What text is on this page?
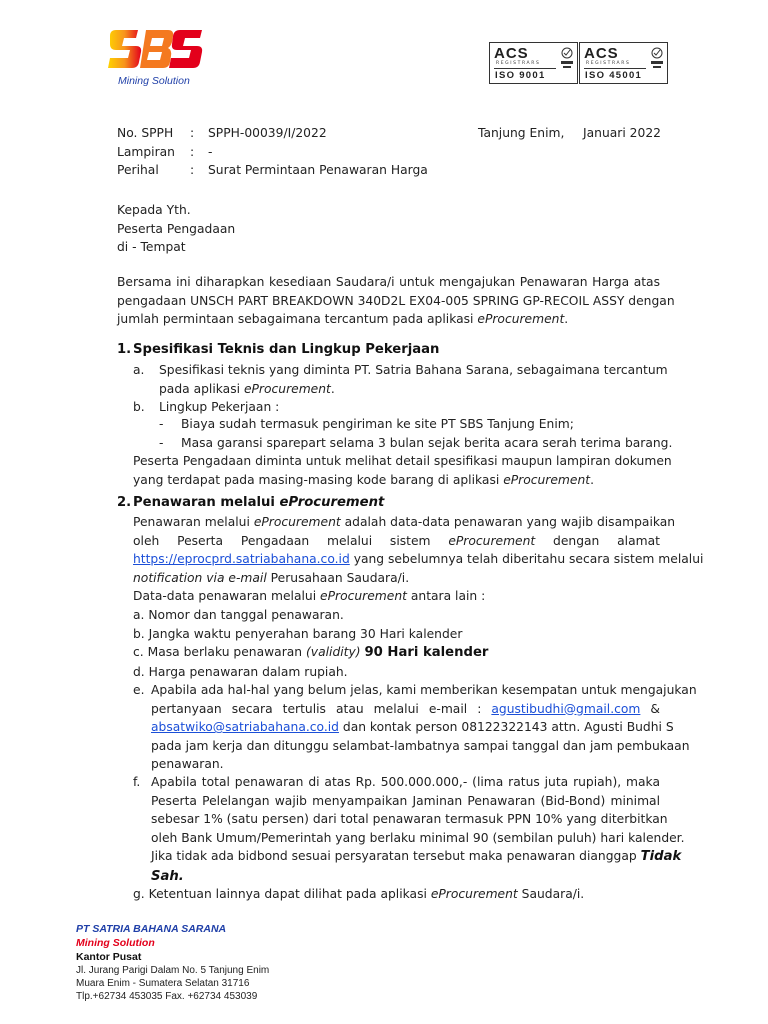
Mining Solution
ACS
REGISTRARS
ISO 9001
ACS
REGISTRARS
ISO 45001
No. SPPH : SPPH-00039/I/2022	Tanjung Enim, Januari 2022
Lampiran : -
Perihal	: Surat Permintaan Penawaran Harga
Kepada Yth.
Peserta Pengadaan
di - Tempat
Bersama ini diharapkan kesediaan Saudara/i untuk mengajukan Penawaran Harga atas
pengadaan UNSCH PART BREAKDOWN 340D2L EX04-005 SPRING GP-RECOIL ASSY dengan
jumlah permintaan sebagaimana tercantum pada aplikasi eProcurement.
1. Spesifikasi Teknis dan Lingkup Pekerjaan
a. Spesifikasi teknis yang diminta PT. Satria Bahana Sarana, sebagaimana tercantum
pada aplikasi eProcurement.
b. Lingkup Pekerjaan :
- Biaya sudah termasuk pengiriman ke site PT SBS Tanjung Enim;
- Masa garansi sparepart selama 3 bulan sejak berita acara serah terima barang.
Peserta Pengadaan diminta untuk melihat detail spesifikasi maupun lampiran dokumen
yang terdapat pada masing-masing kode barang di aplikasi eProcurement.
2. Penawaran melalui eProcurement
Penawaran melalui eProcurement adalah data-data penawaran yang wajib disampaikan
oleh Peserta Pengadaan melalui sistem eProcurement dengan alamat
https://eprocprd.satriabahana.co.id yang sebelumnya telah diberitahu secara sistem melalui
notification via e-mail Perusahaan Saudara/i.
Data-data penawaran melalui eProcurement antara lain :
a. Nomor dan tanggal penawaran.
b. Jangka waktu penyerahan barang 30 Hari kalender
c. Masa berlaku penawaran (validity) 90 Hari kalender
d. Harga penawaran dalam rupiah.
e. Apabila ada hal-hal yang belum jelas, kami memberikan kesempatan untuk mengajukan
pertanyaan secara tertulis atau melalui e-mail : agustibudhi@gmail.com &
absatwiko@satriabahana.co.id dan kontak person 08122322143 attn. Agusti Budhi S
pada jam kerja dan ditunggu selambat-lambatnya sampai tanggal dan jam pembukaan
penawaran.
f. Apabila total penawaran di atas Rp. 500.000.000,- (lima ratus juta rupiah), maka
Peserta Pelelangan wajib menyampaikan Jaminan Penawaran (Bid-Bond) minimal
sebesar 1% (satu persen) dari total penawaran termasuk PPN 10% yang diterbitkan
oleh Bank Umum/Pemerintah yang berlaku minimal 90 (sembilan puluh) hari kalender.
Jika tidak ada bidbond sesuai persyaratan tersebut maka penawaran dianggap Tidak
Sah.
g. Ketentuan lainnya dapat dilihat pada aplikasi eProcurement Saudara/i.
PT SATRIA BAHANA SARANA
Mining Solution
Kantor Pusat
Jl. Jurang Parigi Dalam No. 5 Tanjung Enim
Muara Enim - Sumatera Selatan 31716
Tlp.+62734 453035 Fax. +62734 453039
